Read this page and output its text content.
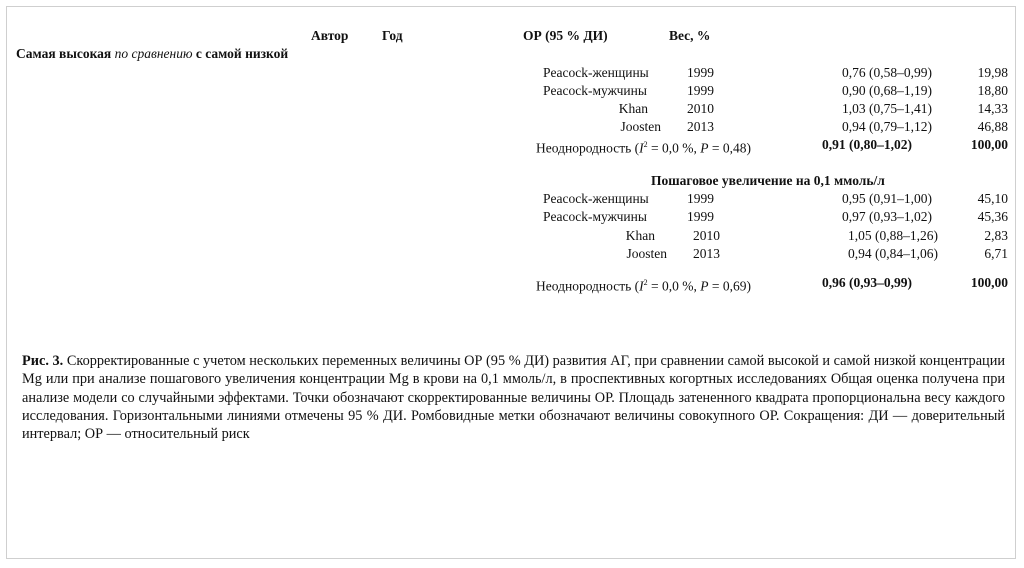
Автор Год	ОР (95 % ДИ)	Вес, %
Самая высокая по сравнению с самой низкой
Peacock-женщины	1999	0,76 (0,58–0,99)	19,98
Peacock-мужчины	1999	0,90 (0,68–1,19)	18,80
Khan	2010	1,03 (0,75–1,41)	14,33
Joosten 2013	0,94 (0,79–1,12)	46,88
Неоднородность ($I^2 = 0,0$ %, P = 0,48)	0,91 (0,80–1,02)	100,00
Пошаговое увеличение на 0,1 ммоль/л
Peacock-женщины	1999	0,95 (0,91–1,00)	45,10
Peacock-мужчины	1999	0,97 (0,93–1,02)	45,36
Khan	2010	1,05 (0,88–1,26)	2,83
Joosten 2013	0,94 (0,84–1,06)	6,71
Неоднородность ($I^2 = 0,0$ %, P = 0,69)	0,96 (0,93–0,99)	100,00
Рис. 3. Скорректированные с учетом нескольких переменных величины ОР (95 % ДИ) развития АГ, при сравнении самой высокой и самой низкой концентрации Mg или при анализе пошагового увеличения концентрации Mg в крови на 0,1 ммоль/л, в проспективных когортных исследованиях Общая оценка получена при анализе модели со случайными эффектами. Точки обозначают скорректированные величины ОР. Площадь затененного квадрата пропорциональна весу каждого исследования. Горизонтальными линиями отмечены 95 % ДИ. Ромбовидные метки обозначают величины совокупного ОР. Сокращения: ДИ — доверительный интервал; ОР — относительный риск
